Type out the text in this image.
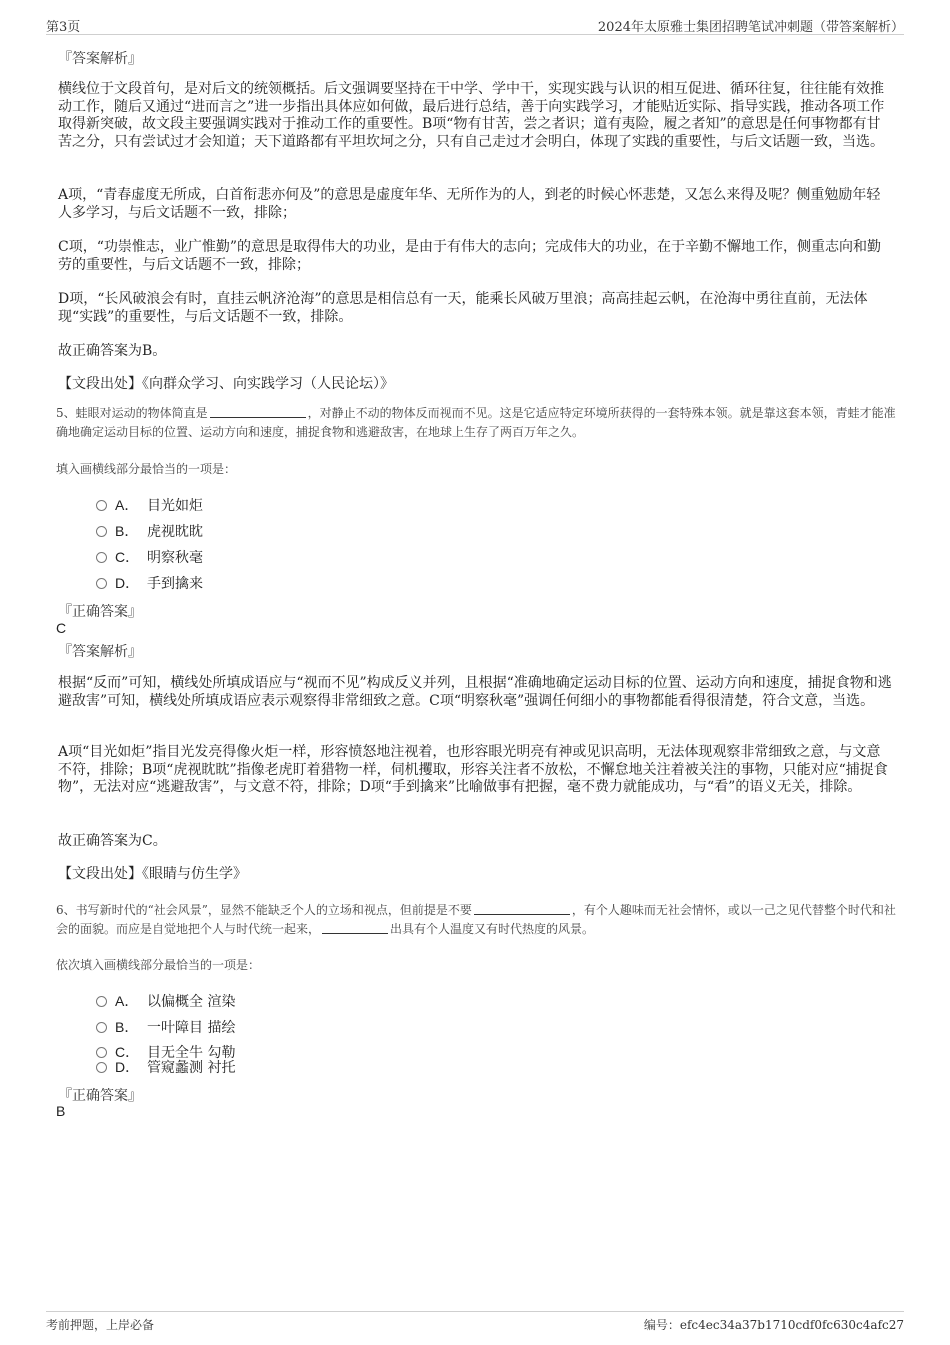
第3页	2024年太原雅士集团招聘笔试冲刺题（带答案解析）
『答案解析』
横线位于文段首句，是对后文的统领概括。后文强调要坚持在干中学、学中干，实现实践与认识的相互促进、循环往复，往往能有效推动工作，随后又通过“进而言之”进一步指出具体应如何做，最后进行总结，善于向实践学习，才能贴近实际、指导实践，推动各项工作取得新突破，故文段主要强调实践对于推动工作的重要性。B项“物有甘苦，尝之者识；道有夷险，履之者知”的意思是任何事物都有甘苦之分，只有尝试过才会知道；天下道路都有平坦坎坷之分，只有自己走过才会明白，体现了实践的重要性，与后文话题一致，当选。
A项，“青春虚度无所成，白首衔悲亦何及”的意思是虚度年华、无所作为的人，到老的时候心怀悲楚，又怎么来得及呢？侧重勉励年轻人多学习，与后文话题不一致，排除；
C项，“功崇惟志，业广惟勤”的意思是取得伟大的功业，是由于有伟大的志向；完成伟大的功业，在于辛勤不懈地工作，侧重志向和勤劳的重要性，与后文话题不一致，排除；
D项，“长风破浪会有时，直挂云帆济沧海”的意思是相信总有一天，能乘长风破万里浪；高高挂起云帆，在沧海中勇往直前，无法体现“实践”的重要性，与后文话题不一致，排除。
故正确答案为B。
【文段出处】《向群众学习、向实践学习（人民论坛）》
5、蛙眼对运动的物体简直是	，对静止不动的物体反而视而不见。这是它适应特定环境所获得的一套特殊本领。就是靠这套本领，青蛙才能准确地确定运动目标的位置、运动方向和速度，捕捉食物和逃避敌害，在地球上生存了两百万年之久。
填入画横线部分最恰当的一项是：
A． 目光如炬
B． 虎视眈眈
C． 明察秋毫
D． 手到擒来
『正确答案』
C
『答案解析』
根据“反而”可知，横线处所填成语应与“视而不见”构成反义并列，且根据“准确地确定运动目标的位置、运动方向和速度，捕捉食物和逃避敌害”可知，横线处所填成语应表示观察得非常细致之意。C项“明察秋毫”强调任何细小的事物都能看得很清楚，符合文意，当选。
A项“目光如炬”指目光发亮得像火炬一样，形容愤怒地注视着，也形容眼光明亮有神或见识高明，无法体现观察非常细致之意，与文意不符，排除；B项“虎视眈眈”指像老虎盯着猎物一样，伺机攫取，形容关注者不放松，不懈怠地关注着被关注的事物，只能对应“捕捉食物”，无法对应“逃避敌害”，与文意不符，排除；D项“手到擒来”比喻做事有把握，毫不费力就能成功，与“看”的语义无关，排除。
故正确答案为C。
【文段出处】《眼睛与仿生学》
6、书写新时代的“社会风景”，显然不能缺乏个人的立场和视点，但前提是不要	，有个人趣味而无社会情怀，或以一己之见代替整个时代和社会的面貌。而应是自觉地把个人与时代统一起来，	出具有个人温度又有时代热度的风景。
依次填入画横线部分最恰当的一项是：
A． 以偏概全 渲染
B． 一叶障目 描绘
C． 目无全牛 勾勒
D． 管窥蠡测 衬托
『正确答案』
B
考前押题，上岸必备	编号：efc4ec34a37b1710cdf0fc630c4afc27
